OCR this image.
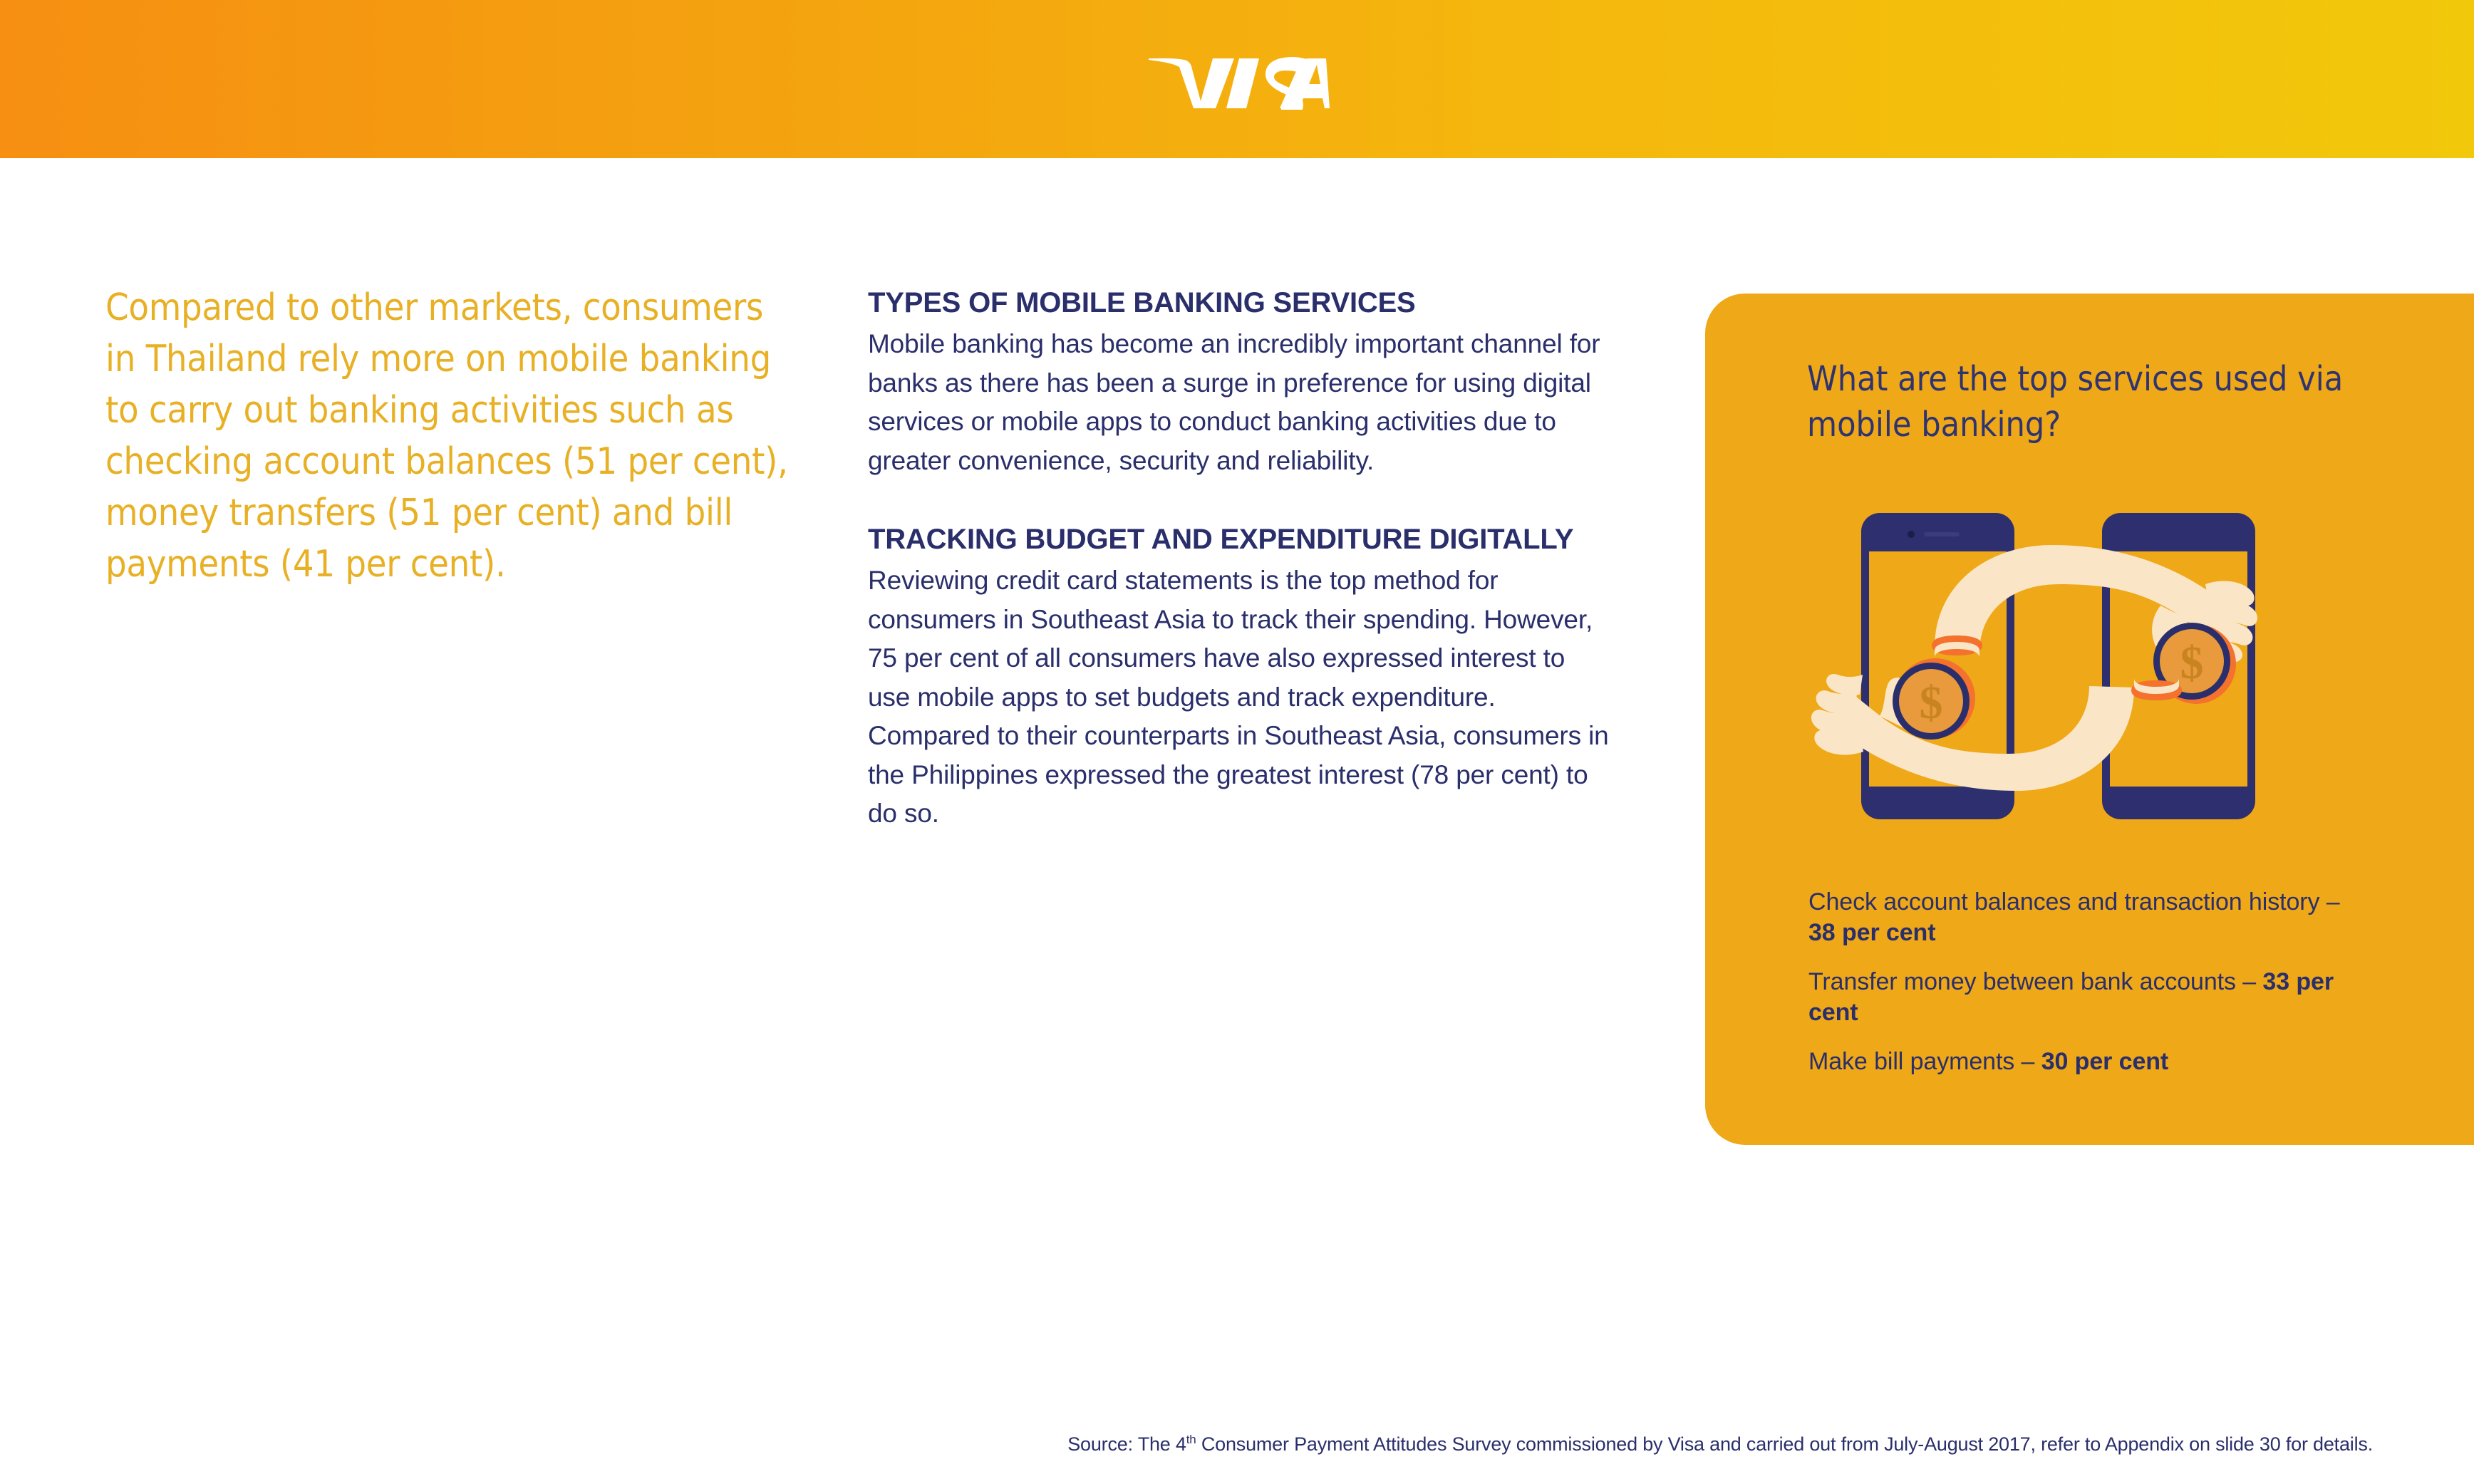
Compared to other markets, consumers in Thailand rely more on mobile banking to carry out banking activities such as checking account balances (51 per cent), money transfers (51 per cent) and bill payments (41 per cent).

TYPES OF MOBILE BANKING SERVICES

Mobile banking has become an incredibly important channel for banks as there has been a surge in preference for using digital services or mobile apps to conduct banking activities due to greater convenience, security and reliability.

TRACKING BUDGET AND EXPENDITURE DIGITALLY

Reviewing credit card statements is the top method for consumers in Southeast Asia to track their spending. However, 75 per cent of all consumers have also expressed interest to use mobile apps to set budgets and track expenditure. Compared to their counterparts in Southeast Asia, consumers in the Philippines expressed the greatest interest (78 per cent) to do so.

What are the top services used via mobile banking?
$
$
Check account balances and transaction history – 38 per cent
Transfer money between bank accounts – 33 per cent
Make bill payments – 30 per cent
Source: The 4th Consumer Payment Attitudes Survey commissioned by Visa and carried out from July-August 2017, refer to Appendix on slide 30 for details.
